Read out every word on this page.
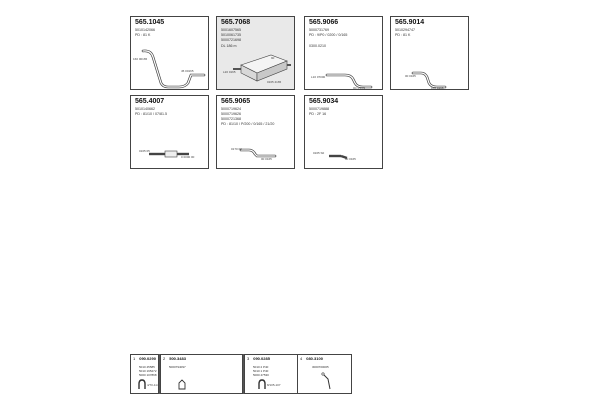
565.1045
5010142066
PD : 81 K
160 00165
45 00165
565.7068
5001607565
5010061735
5000721698
DL 186 m
L20 0165
90
0165 4165
565.9066
5000731769
PD : 9/P0 / 0200 / 0/165
0300.0210
L10 07000
0C 01/75
565.9014
5010294747
PD : 81 K
00 0165
100 0165
565.4007
5010140662
PD : 81/10 / 07/81.5
0165 05
0 0000 00
565.9065
5000719624
5000719626
5000721368
PD : 81/10 / P/200 / 0/165 / 21/20
0170 00
00 0165
565.9034
5000719888
PD : 2F 16
0165 S0
00 0165
1 090.0290
5010 45585
5010 195272
5000 107868
4/70-114
2 500.3483
5000794097
3 090.0285
5010 2 P40
5010 1 P40
5000 47530
8/105-107
4 080.3100
3000700005
